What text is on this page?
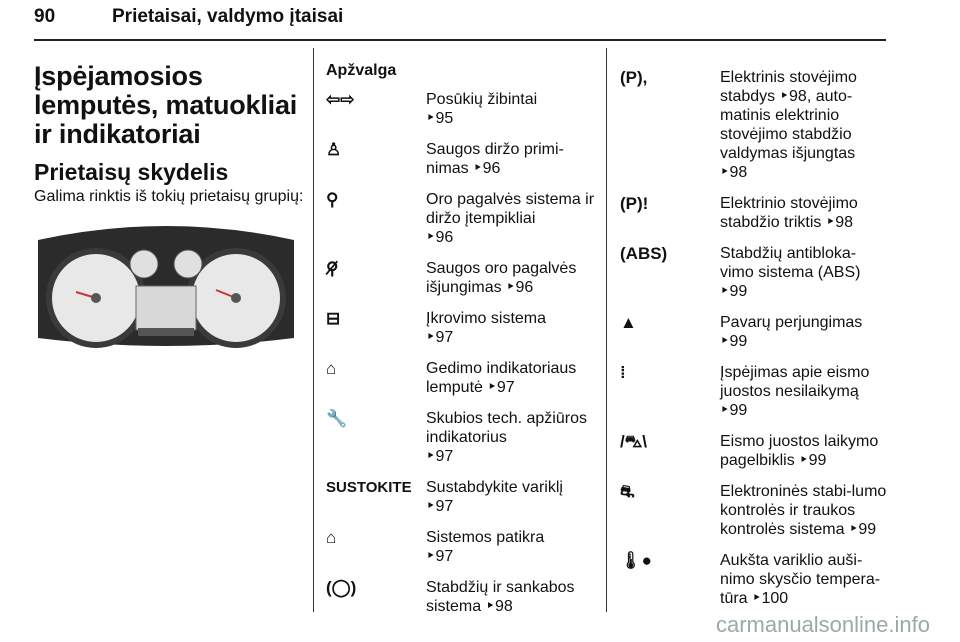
90	Prietaisai, valdymo įtaisai
Įspėjamosios lemputės, matuokliai ir indikatoriai
Prietaisų skydelis

Galima rinktis iš tokių prietaisų grupių:

Apžvalga

⇦⇨	Posūkių žibintai
‣ 95
♙	Saugos diržo primi-nimas ‣ 96
⚲	Oro pagalvės sistema ir diržo įtempikliai
‣ 96
⚲̸	Saugos oro pagalvės išjungimas ‣ 96
⊟	Įkrovimo sistema
‣ 97
⌂	Gedimo indikatoriaus lemputė ‣ 97
🔧	Skubios tech. apžiūros indikatorius
‣ 97
SUSTOKITE Sustabdykite variklį
‣ 97
⌂	Sistemos patikra
‣ 97
(◯)	Stabdžių ir sankabos sistema ‣ 98
(P),	Elektrinis stovėjimo stabdys ‣ 98, auto-matinis elektrinio stovėjimo stabdžio valdymas išjungtas
‣ 98
(P)!	Elektrinio stovėjimo stabdžio triktis ‣ 98
(ABS)	Stabdžių antibloka-vimo sistema (ABS)
‣ 99
▲	Pavarų perjungimas
‣ 99
⁞	Įspėjimas apie eismo juostos nesilaikymą
‣ 99
/⛍\	Eismo juostos laikymo pagelbiklis ‣ 99
⛐	Elektroninės stabi-lumo kontrolės ir traukos kontrolės sistema ‣ 99
🌡●	Aukšta variklio auši-nimo skysčio tempera-tūra ‣ 100
carmanualsonline.info
